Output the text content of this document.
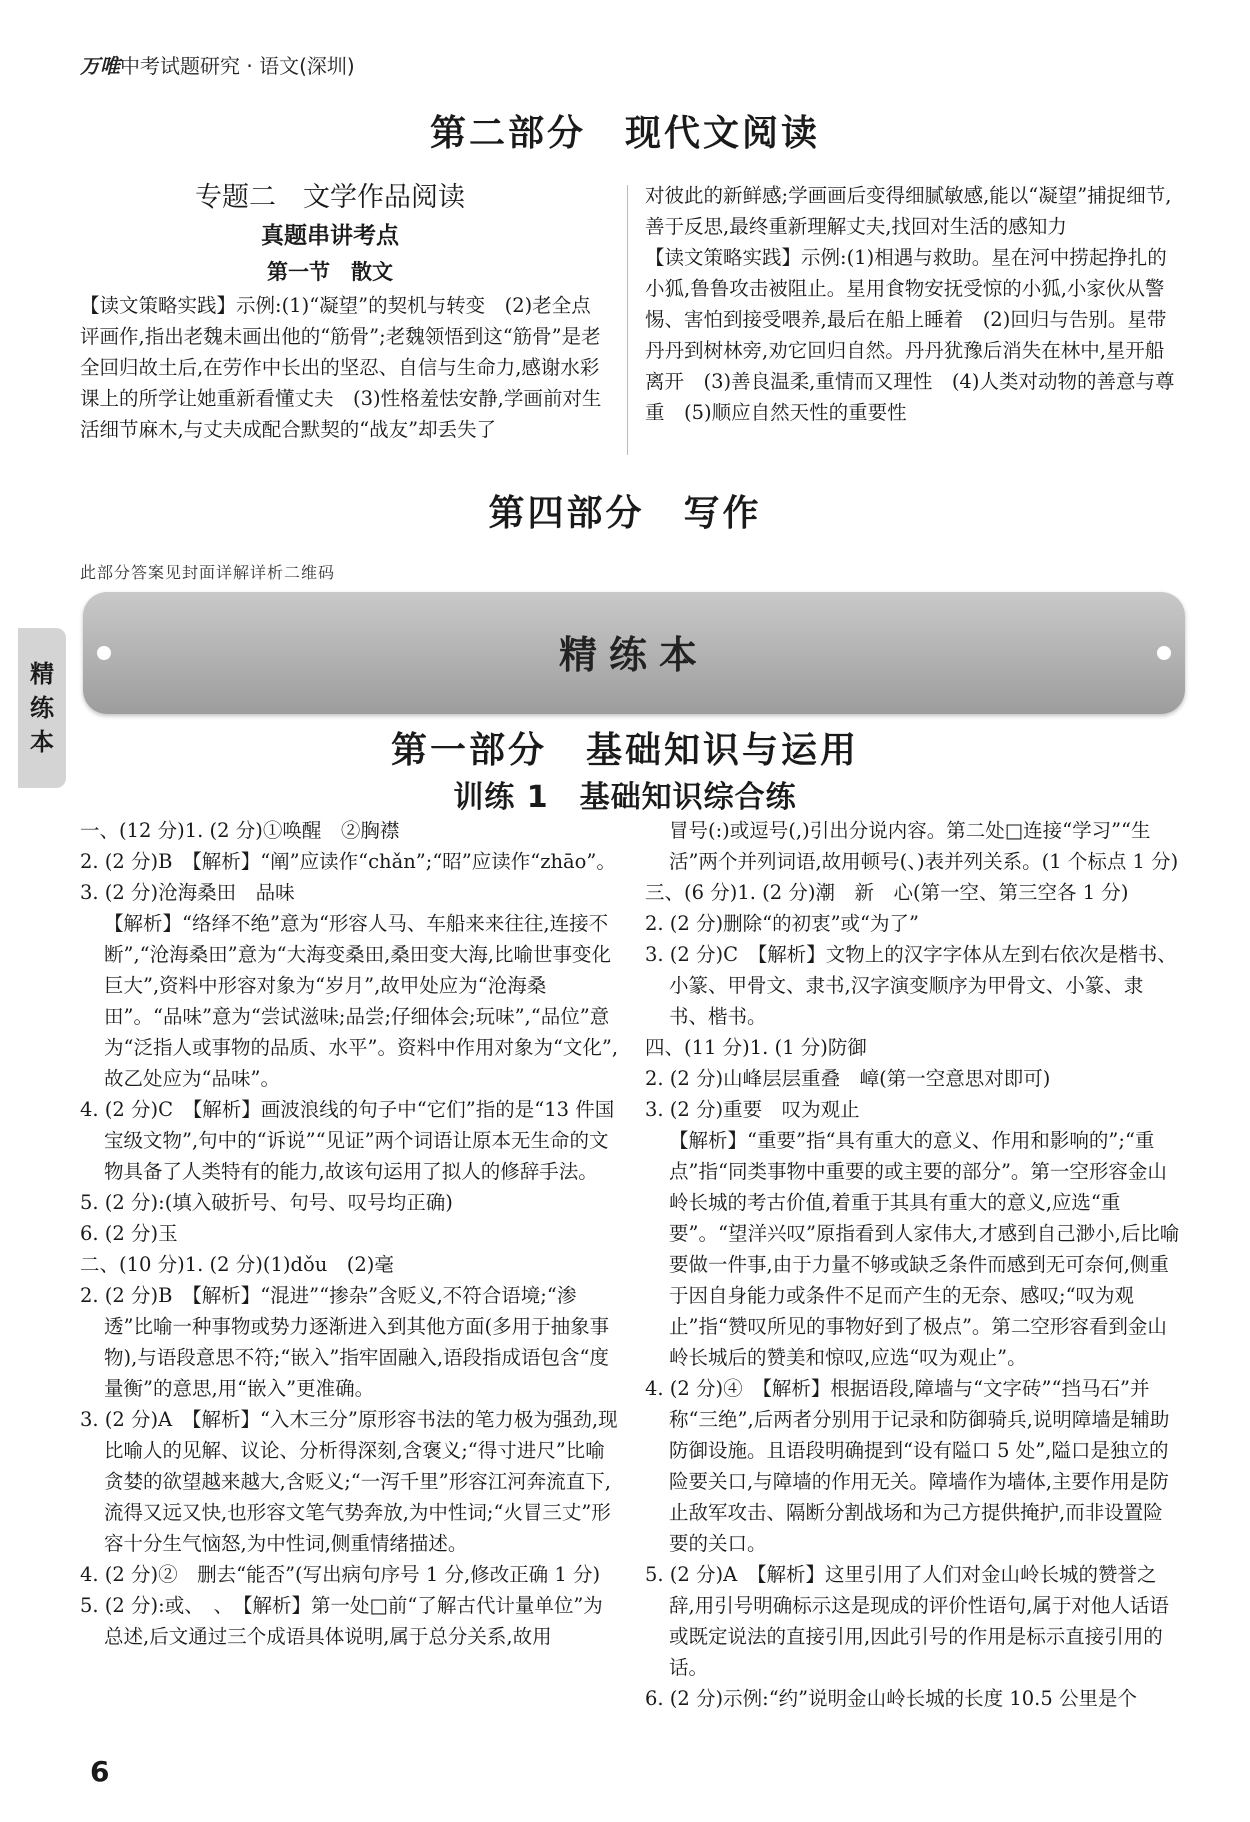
万唯中考试题研究 · 语文(深圳)
第二部分　现代文阅读

专题二　文学作品阅读

真题串讲考点

第一节　散文

【读文策略实践】示例:(1)“凝望”的契机与转变　(2)老全点评画作,指出老魏未画出他的“筋骨”;老魏领悟到这“筋骨”是老全回归故土后,在劳作中长出的坚忍、自信与生命力,感谢水彩课上的所学让她重新看懂丈夫　(3)性格羞怯安静,学画前对生活细节麻木,与丈夫成配合默契的“战友”却丢失了

对彼此的新鲜感;学画画后变得细腻敏感,能以“凝望”捕捉细节,善于反思,最终重新理解丈夫,找回对生活的感知力

【读文策略实践】示例:(1)相遇与救助。星在河中捞起挣扎的小狐,鲁鲁攻击被阻止。星用食物安抚受惊的小狐,小家伙从警惕、害怕到接受喂养,最后在船上睡着　(2)回归与告别。星带丹丹到树林旁,劝它回归自然。丹丹犹豫后消失在林中,星开船离开　(3)善良温柔,重情而又理性　(4)人类对动物的善意与尊重　(5)顺应自然天性的重要性

第四部分　写作
此部分答案见封面详解详析二维码
精练本
精
练
本	第一部分　基础知识与运用
训练 1　基础知识综合练

一、(12 分)1. (2 分)①唤醒　②胸襟

2. (2 分)B　【解析】“阐”应读作“chǎn”;“昭”应读作“zhāo”。

3. (2 分)沧海桑田　品味

【解析】“络绎不绝”意为“形容人马、车船来来往往,连接不断”,“沧海桑田”意为“大海变桑田,桑田变大海,比喻世事变化巨大”,资料中形容对象为“岁月”,故甲处应为“沧海桑田”。“品味”意为“尝试滋味;品尝;仔细体会;玩味”,“品位”意为“泛指人或事物的品质、水平”。资料中作用对象为“文化”,故乙处应为“品味”。

4. (2 分)C　【解析】画波浪线的句子中“它们”指的是“13 件国宝级文物”,句中的“诉说”“见证”两个词语让原本无生命的文物具备了人类特有的能力,故该句运用了拟人的修辞手法。

5. (2 分):(填入破折号、句号、叹号均正确)

6. (2 分)玉

二、(10 分)1. (2 分)(1)dǒu　(2)毫

2. (2 分)B　【解析】“混进”“掺杂”含贬义,不符合语境;“渗透”比喻一种事物或势力逐渐进入到其他方面(多用于抽象事物),与语段意思不符;“嵌入”指牢固融入,语段指成语包含“度量衡”的意思,用“嵌入”更准确。

3. (2 分)A　【解析】“入木三分”原形容书法的笔力极为强劲,现比喻人的见解、议论、分析得深刻,含褒义;“得寸进尺”比喻贪婪的欲望越来越大,含贬义;“一泻千里”形容江河奔流直下,流得又远又快,也形容文笔气势奔放,为中性词;“火冒三丈”形容十分生气恼怒,为中性词,侧重情绪描述。

4. (2 分)②　删去“能否”(写出病句序号 1 分,修改正确 1 分)

5. (2 分):或、　、　【解析】第一处□前“了解古代计量单位”为总述,后文通过三个成语具体说明,属于总分关系,故用

冒号(:)或逗号(,)引出分说内容。第二处□连接“学习”“生活”两个并列词语,故用顿号(、)表并列关系。(1 个标点 1 分)

三、(6 分)1. (2 分)潮　新　心(第一空、第三空各 1 分)

2. (2 分)删除“的初衷”或“为了”

3. (2 分)C　【解析】文物上的汉字字体从左到右依次是楷书、小篆、甲骨文、隶书,汉字演变顺序为甲骨文、小篆、隶书、楷书。

四、(11 分)1. (1 分)防御

2. (2 分)山峰层层重叠　嶂(第一空意思对即可)

3. (2 分)重要　叹为观止

【解析】“重要”指“具有重大的意义、作用和影响的”;“重点”指“同类事物中重要的或主要的部分”。第一空形容金山岭长城的考古价值,着重于其具有重大的意义,应选“重要”。“望洋兴叹”原指看到人家伟大,才感到自己渺小,后比喻要做一件事,由于力量不够或缺乏条件而感到无可奈何,侧重于因自身能力或条件不足而产生的无奈、感叹;“叹为观止”指“赞叹所见的事物好到了极点”。第二空形容看到金山岭长城后的赞美和惊叹,应选“叹为观止”。

4. (2 分)④　【解析】根据语段,障墙与“文字砖”“挡马石”并称“三绝”,后两者分别用于记录和防御骑兵,说明障墙是辅助防御设施。且语段明确提到“设有隘口 5 处”,隘口是独立的险要关口,与障墙的作用无关。障墙作为墙体,主要作用是防止敌军攻击、隔断分割战场和为己方提供掩护,而非设置险要的关口。

5. (2 分)A　【解析】这里引用了人们对金山岭长城的赞誉之辞,用引号明确标示这是现成的评价性语句,属于对他人话语或既定说法的直接引用,因此引号的作用是标示直接引用的话。

6. (2 分)示例:“约”说明金山岭长城的长度 10.5 公里是个

6
